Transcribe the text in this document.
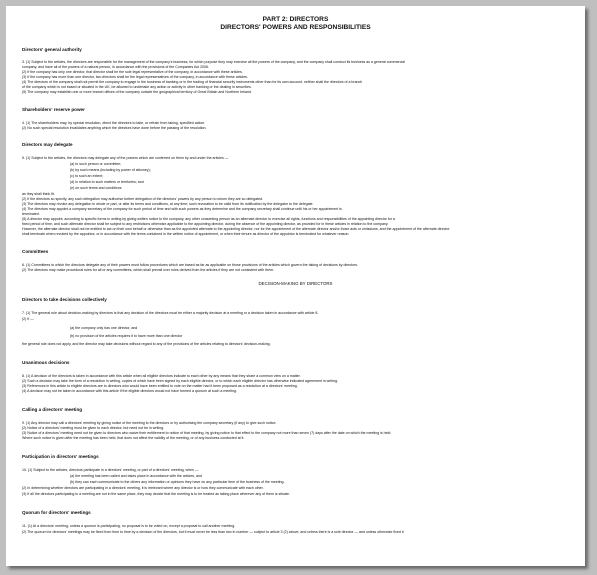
PART 2: DIRECTORS
DIRECTORS' POWERS AND RESPONSIBILITIES
Directors' general authority
3. (1) Subject to the articles, the directors are responsible for the management of the company's business, for which purpose they may exercise all the powers of the company, and the company shall conduct its business as a general commercial
company, and have all of the powers of a natural person, in accordance with the provisions of the Companies Act 2006.
(2) If the company has only one director, that director shall be the sole legal representative of the company, in accordance with these articles.
(3) If the company has more than one director, two directors shall be the legal representatives of the company, in accordance with these articles.
(4) The directors of the company shall not permit the company to engage in the business of banking or in the trading of financial security instruments other than for its own account, neither shall the directors of a branch
of the company which is not based or situated in the UK, be allowed to undertake any action or activity in other banking or the dealing in securities.
(5) The company may establish one or more branch offices of the company outside the geographical territory of Great Britain and Northern Ireland.
Shareholders' reserve power
4. (1) The shareholders may, by special resolution, direct the directors to take, or refrain from taking, specified action.
(2) No such special resolution invalidates anything which the directors have done before the passing of the resolution.
Directors may delegate
5. (1) Subject to the articles, the directors may delegate any of the powers which are conferred on them by and under the articles —
(a) to such person or committee;
(b) by such means (including by power of attorney);
(c) to such an extent;
(d) in relation to such matters or territories; and
(e) on such terms and conditions
as they shall think fit.
(2) If the directors so specify, any such delegation may authorise further delegation of the directors' powers by any person to whom they are so delegated.
(3) The directors may revoke any delegation in whole or part, or alter its terms and conditions, at any time; such revocation to be valid from its notification by the delegator to the delegate.
(4) The directors may appoint a company secretary of the company for such period of time and with such powers as they determine and the company secretary shall continue until his or her appointment is
terminated.
(5) A director may appoint, according to specific forms in writing by giving written notice to the company, any other consenting person as an alternate director to exercise all rights, functions and responsibilities of the appointing director for a
fixed period of time, and such alternate director shall be subject to any restrictions otherwise applicable to the appointing director, during the absence of the appointing director, as provided for in these articles in relation to the company.
However, the alternate director shall not be entitled to act on their own behalf or otherwise than as the appointed alternate to the appointing director, nor for the appointment of the alternate director and/or those acts or omissions, and the appointment of the alternate director
shall terminate when revoked by the appointor, or in accordance with the terms contained in the written notice of appointment, or when their tenure as director of the appointor is terminated for whatever reason.
Committees
6. (1) Committees to which the directors delegate any of their powers must follow procedures which are based as far as applicable on those provisions of the articles which govern the taking of decisions by directors.
(2) The directors may make procedural rules for all or any committees, which shall prevail over rules derived from the articles if they are not consistent with them.
DECISION-MAKING BY DIRECTORS
Directors to take decisions collectively
7. (1) The general rule about decision-making by directors is that any decision of the directors must be either a majority decision at a meeting or a decision taken in accordance with article 8.
(2) If —
(a) the company only has one director, and
(b) no provision of the articles requires it to have more than one director
the general rule does not apply, and the director may take decisions without regard to any of the provisions of the articles relating to directors' decision-making.
Unanimous decisions
8. (1) A decision of the directors is taken in accordance with this article when all eligible directors indicate to each other by any means that they share a common view on a matter.
(2) Such a decision may take the form of a resolution in writing, copies of which have been signed by each eligible director, or to which each eligible director has otherwise indicated agreement in writing.
(3) References in this article to eligible directors are to directors who would have been entitled to vote on the matter had it been proposed as a resolution at a directors' meeting.
(4) A decision may not be taken in accordance with this article if the eligible directors would not have formed a quorum at such a meeting.
Calling a directors' meeting
9. (1) Any director may call a directors' meeting by giving notice of the meeting to the directors or by authorising the company secretary (if any) to give such notice.
(2) Notice of a directors' meeting must be given to each director, but need not be in writing.
(3) Notice of a directors' meeting need not be given to directors who waive their entitlement to notice of that meeting, by giving notice to that effect to the company not more than seven (7) days after the date on which the meeting is held.
Where such notice is given after the meeting has been held, that does not affect the validity of the meeting, or of any business conducted at it.
Participation in directors' meetings
10. (1) Subject to the articles, directors participate in a directors' meeting, or part of a directors' meeting, when —
(a) the meeting has been called and takes place in accordance with the articles, and
(b) they can each communicate to the others any information or opinions they have on any particular item of the business of the meeting.
(2) In determining whether directors are participating in a directors' meeting, it is irrelevant where any director is or how they communicate with each other.
(3) If all the directors participating in a meeting are not in the same place, they may decide that the meeting is to be treated as taking place wherever any of them is situate.
Quorum for directors' meetings
11. (1) At a directors' meeting, unless a quorum is participating, no proposal is to be voted on, except a proposal to call another meeting.
(2) The quorum for directors' meetings may be fixed from time to time by a decision of the directors, but it must never be less than two in number — subject to article 3 (2) above, and unless there is a sole director — and unless otherwise fixed it
